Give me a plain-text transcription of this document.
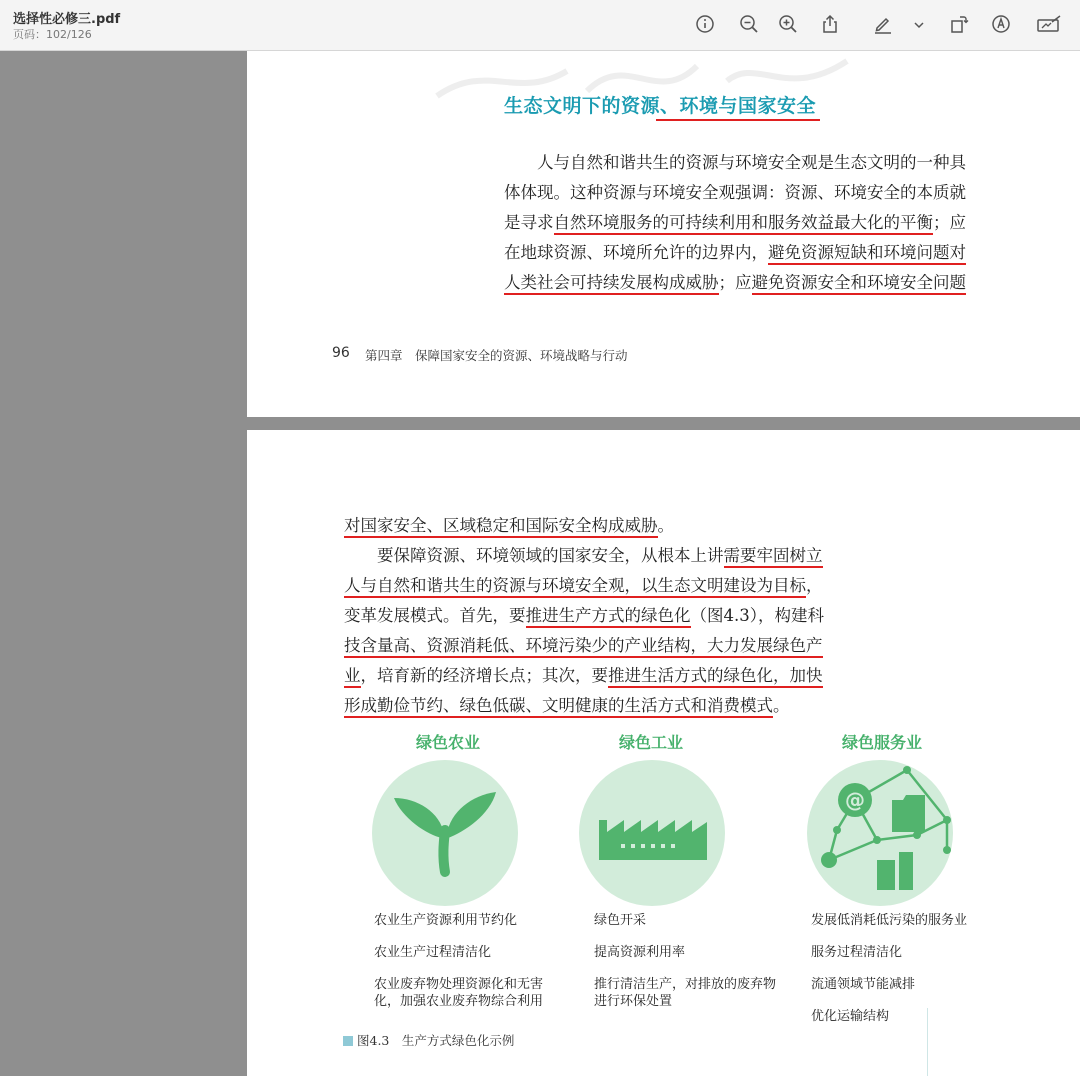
选择性必修三.pdf
页码：102/126
生态文明下的资源、环境与国家安全
　　人与自然和谐共生的资源与环境安全观是生态文明的一种具
体体现。这种资源与环境安全观强调：资源、环境安全的本质就
是寻求自然环境服务的可持续利用和服务效益最大化的平衡；应
在地球资源、环境所允许的边界内，避免资源短缺和环境问题对
人类社会可持续发展构成威胁；应避免资源安全和环境安全问题
96 第四章　保障国家安全的资源、环境战略与行动
对国家安全、区域稳定和国际安全构成威胁。
　　要保障资源、环境领域的国家安全，从根本上讲需要牢固树立
人与自然和谐共生的资源与环境安全观，以生态文明建设为目标，
变革发展模式。首先，要推进生产方式的绿色化（图4.3），构建科
技含量高、资源消耗低、环境污染少的产业结构，大力发展绿色产
业，培育新的经济增长点；其次，要推进生活方式的绿色化，加快
形成勤俭节约、绿色低碳、文明健康的生活方式和消费模式。
绿色农业	绿色工业	绿色服务业
@
农业生产资源利用节约化
农业生产过程清洁化
农业废弃物处理资源化和无害化，加强农业废弃物综合利用
绿色开采
提高资源利用率
推行清洁生产，对排放的废弃物进行环保处置
发展低消耗低污染的服务业
服务过程清洁化
流通领域节能减排
优化运输结构
图4.3　生产方式绿色化示例
